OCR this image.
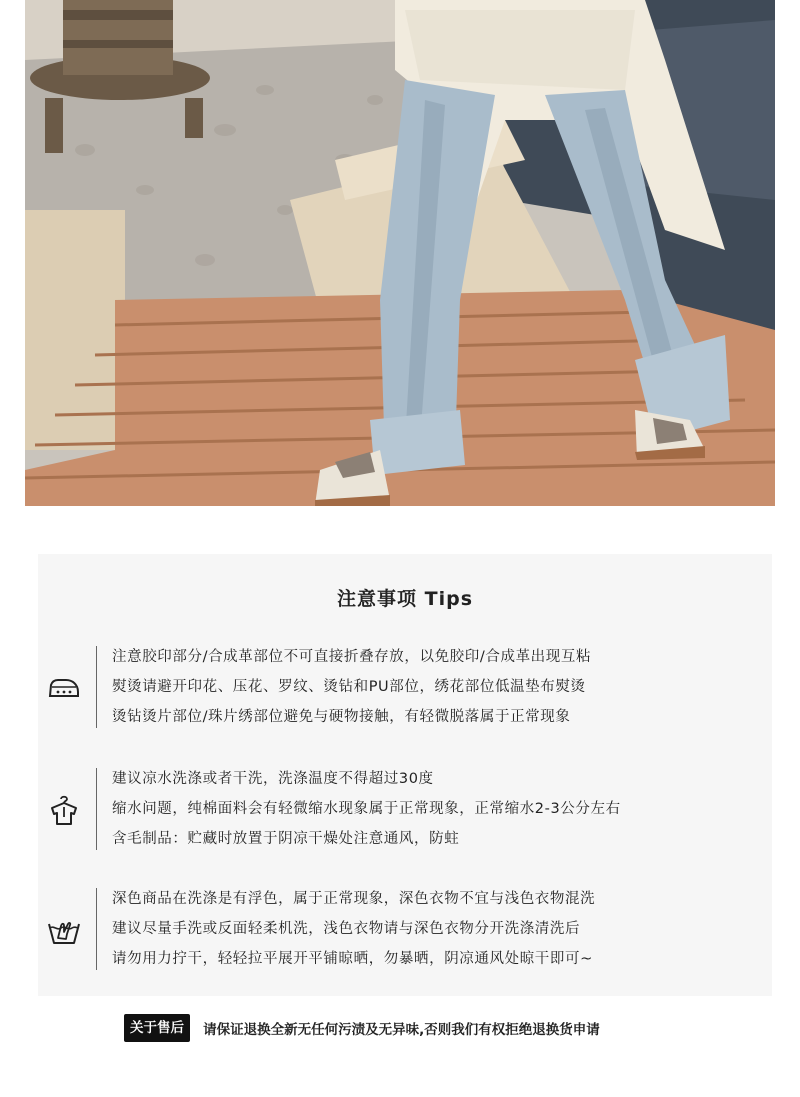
注意事项 Tips
注意胶印部分/合成革部位不可直接折叠存放，以免胶印/合成革出现互粘
熨烫请避开印花、压花、罗纹、烫钻和PU部位，绣花部位低温垫布熨烫
烫钻烫片部位/珠片绣部位避免与硬物接触，有轻微脱落属于正常现象
建议凉水洗涤或者干洗，洗涤温度不得超过30度
缩水问题，纯棉面料会有轻微缩水现象属于正常现象，正常缩水2-3公分左右
含毛制品：贮藏时放置于阴凉干燥处注意通风，防蛀
深色商品在洗涤是有浮色，属于正常现象，深色衣物不宜与浅色衣物混洗
建议尽量手洗或反面轻柔机洗，浅色衣物请与深色衣物分开洗涤清洗后
请勿用力拧干，轻轻拉平展开平铺晾晒，勿暴晒，阴凉通风处晾干即可~
关于售后 请保证退换全新无任何污渍及无异味,否则我们有权拒绝退换货申请
